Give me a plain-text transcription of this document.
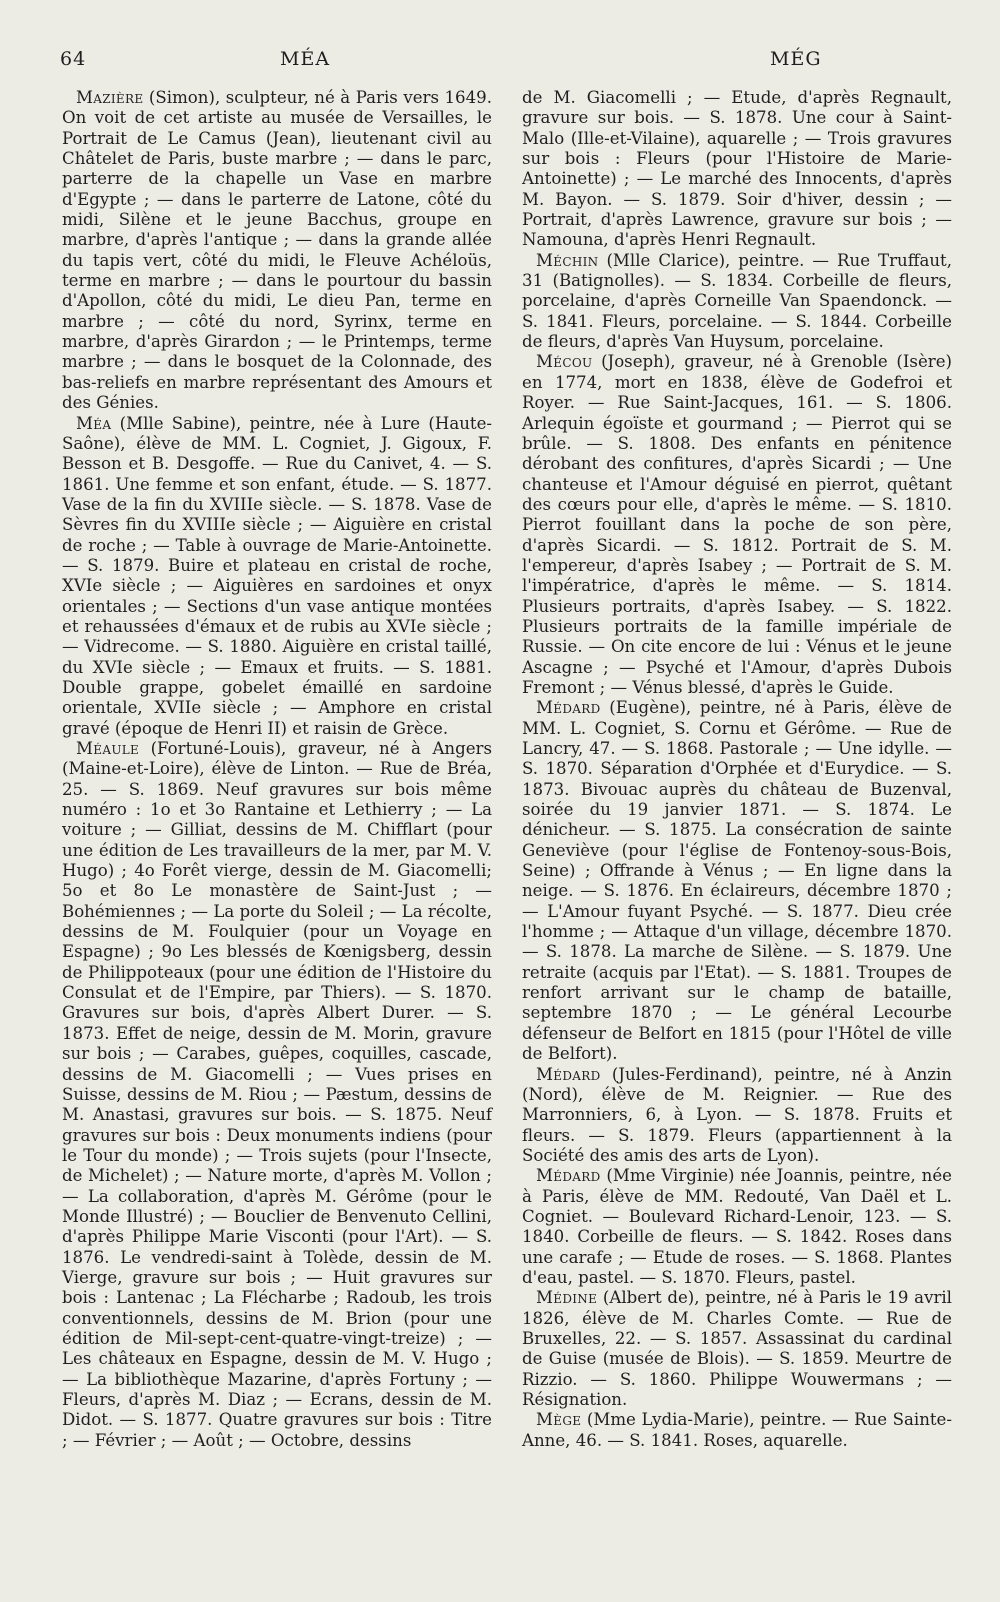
64	MÉA	MÉG

Mazière (Simon), sculpteur, né à Paris vers 1649. On voit de cet artiste au musée de Versailles, le Portrait de Le Camus (Jean), lieutenant civil au Châtelet de Paris, buste marbre ; — dans le parc, parterre de la chapelle un Vase en marbre d'Egypte ; — dans le parterre de Latone, côté du midi, Silène et le jeune Bacchus, groupe en marbre, d'après l'antique ; — dans la grande allée du tapis vert, côté du midi, le Fleuve Achéloüs, terme en marbre ; — dans le pourtour du bassin d'Apollon, côté du midi, Le dieu Pan, terme en marbre ; — côté du nord, Syrinx, terme en marbre, d'après Girardon ; — le Printemps, terme marbre ; — dans le bosquet de la Colonnade, des bas-reliefs en marbre représentant des Amours et des Génies.

Méa (Mlle Sabine), peintre, née à Lure (Haute-Saône), élève de MM. L. Cogniet, J. Gigoux, F. Besson et B. Desgoffe. — Rue du Canivet, 4. — S. 1861. Une femme et son enfant, étude. — S. 1877. Vase de la fin du XVIIIe siècle. — S. 1878. Vase de Sèvres fin du XVIIIe siècle ; — Aiguière en cristal de roche ; — Table à ouvrage de Marie-Antoinette. — S. 1879. Buire et plateau en cristal de roche, XVIe siècle ; — Aiguières en sardoines et onyx orientales ; — Sections d'un vase antique montées et rehaussées d'émaux et de rubis au XVIe siècle ; — Vidrecome. — S. 1880. Aiguière en cristal taillé, du XVIe siècle ; — Emaux et fruits. — S. 1881. Double grappe, gobelet émaillé en sardoine orientale, XVIIe siècle ; — Amphore en cristal gravé (époque de Henri II) et raisin de Grèce.

Méaule (Fortuné-Louis), graveur, né à Angers (Maine-et-Loire), élève de Linton. — Rue de Bréa, 25. — S. 1869. Neuf gravures sur bois même numéro : 1o et 3o Rantaine et Lethierry ; — La voiture ; — Gilliat, dessins de M. Chifflart (pour une édition de Les travailleurs de la mer, par M. V. Hugo) ; 4o Forêt vierge, dessin de M. Giacomelli; 5o et 8o Le monastère de Saint-Just ; — Bohémiennes ; — La porte du Soleil ; — La récolte, dessins de M. Foulquier (pour un Voyage en Espagne) ; 9o Les blessés de Kœnigsberg, dessin de Philippoteaux (pour une édition de l'Histoire du Consulat et de l'Empire, par Thiers). — S. 1870. Gravures sur bois, d'après Albert Durer. — S. 1873. Effet de neige, dessin de M. Morin, gravure sur bois ; — Carabes, guêpes, coquilles, cascade, dessins de M. Giacomelli ; — Vues prises en Suisse, dessins de M. Riou ; — Pæstum, dessins de M. Anastasi, gravures sur bois. — S. 1875. Neuf gravures sur bois : Deux monuments indiens (pour le Tour du monde) ; — Trois sujets (pour l'Insecte, de Michelet) ; — Nature morte, d'après M. Vollon ; — La collaboration, d'après M. Gérôme (pour le Monde Illustré) ; — Bouclier de Benvenuto Cellini, d'après Philippe Marie Visconti (pour l'Art). — S. 1876. Le vendredi-saint à Tolède, dessin de M. Vierge, gravure sur bois ; — Huit gravures sur bois : Lantenac ; La Flécharbe ; Radoub, les trois conventionnels, dessins de M. Brion (pour une édition de Mil-sept-cent-quatre-vingt-treize) ; — Les châteaux en Espagne, dessin de M. V. Hugo ; — La bibliothèque Mazarine, d'après Fortuny ; — Fleurs, d'après M. Diaz ; — Ecrans, dessin de M. Didot. — S. 1877. Quatre gravures sur bois : Titre ; — Février ; — Août ; — Octobre, dessins

de M. Giacomelli ; — Etude, d'après Regnault, gravure sur bois. — S. 1878. Une cour à Saint-Malo (Ille-et-Vilaine), aquarelle ; — Trois gravures sur bois : Fleurs (pour l'Histoire de Marie-Antoinette) ; — Le marché des Innocents, d'après M. Bayon. — S. 1879. Soir d'hiver, dessin ; — Portrait, d'après Lawrence, gravure sur bois ; — Namouna, d'après Henri Regnault.

Méchin (Mlle Clarice), peintre. — Rue Truffaut, 31 (Batignolles). — S. 1834. Corbeille de fleurs, porcelaine, d'après Corneille Van Spaendonck. — S. 1841. Fleurs, porcelaine. — S. 1844. Corbeille de fleurs, d'après Van Huysum, porcelaine.

Mécou (Joseph), graveur, né à Grenoble (Isère) en 1774, mort en 1838, élève de Godefroi et Royer. — Rue Saint-Jacques, 161. — S. 1806. Arlequin égoïste et gourmand ; — Pierrot qui se brûle. — S. 1808. Des enfants en pénitence dérobant des confitures, d'après Sicardi ; — Une chanteuse et l'Amour déguisé en pierrot, quêtant des cœurs pour elle, d'après le même. — S. 1810. Pierrot fouillant dans la poche de son père, d'après Sicardi. — S. 1812. Portrait de S. M. l'empereur, d'après Isabey ; — Portrait de S. M. l'impératrice, d'après le même. — S. 1814. Plusieurs portraits, d'après Isabey. — S. 1822. Plusieurs portraits de la famille impériale de Russie. — On cite encore de lui : Vénus et le jeune Ascagne ; — Psyché et l'Amour, d'après Dubois Fremont ; — Vénus blessé, d'après le Guide.

Médard (Eugène), peintre, né à Paris, élève de MM. L. Cogniet, S. Cornu et Gérôme. — Rue de Lancry, 47. — S. 1868. Pastorale ; — Une idylle. — S. 1870. Séparation d'Orphée et d'Eurydice. — S. 1873. Bivouac auprès du château de Buzenval, soirée du 19 janvier 1871. — S. 1874. Le dénicheur. — S. 1875. La consécration de sainte Geneviève (pour l'église de Fontenoy-sous-Bois, Seine) ; Offrande à Vénus ; — En ligne dans la neige. — S. 1876. En éclaireurs, décembre 1870 ; — L'Amour fuyant Psyché. — S. 1877. Dieu crée l'homme ; — Attaque d'un village, décembre 1870. — S. 1878. La marche de Silène. — S. 1879. Une retraite (acquis par l'Etat). — S. 1881. Troupes de renfort arrivant sur le champ de bataille, septembre 1870 ; — Le général Lecourbe défenseur de Belfort en 1815 (pour l'Hôtel de ville de Belfort).

Médard (Jules-Ferdinand), peintre, né à Anzin (Nord), élève de M. Reignier. — Rue des Marronniers, 6, à Lyon. — S. 1878. Fruits et fleurs. — S. 1879. Fleurs (appartiennent à la Société des amis des arts de Lyon).

Médard (Mme Virginie) née Joannis, peintre, née à Paris, élève de MM. Redouté, Van Daël et L. Cogniet. — Boulevard Richard-Lenoir, 123. — S. 1840. Corbeille de fleurs. — S. 1842. Roses dans une carafe ; — Etude de roses. — S. 1868. Plantes d'eau, pastel. — S. 1870. Fleurs, pastel.

Médine (Albert de), peintre, né à Paris le 19 avril 1826, élève de M. Charles Comte. — Rue de Bruxelles, 22. — S. 1857. Assassinat du cardinal de Guise (musée de Blois). — S. 1859. Meurtre de Rizzio. — S. 1860. Philippe Wouwermans ; — Résignation.

Mège (Mme Lydia-Marie), peintre. — Rue Sainte-Anne, 46. — S. 1841. Roses, aquarelle.
